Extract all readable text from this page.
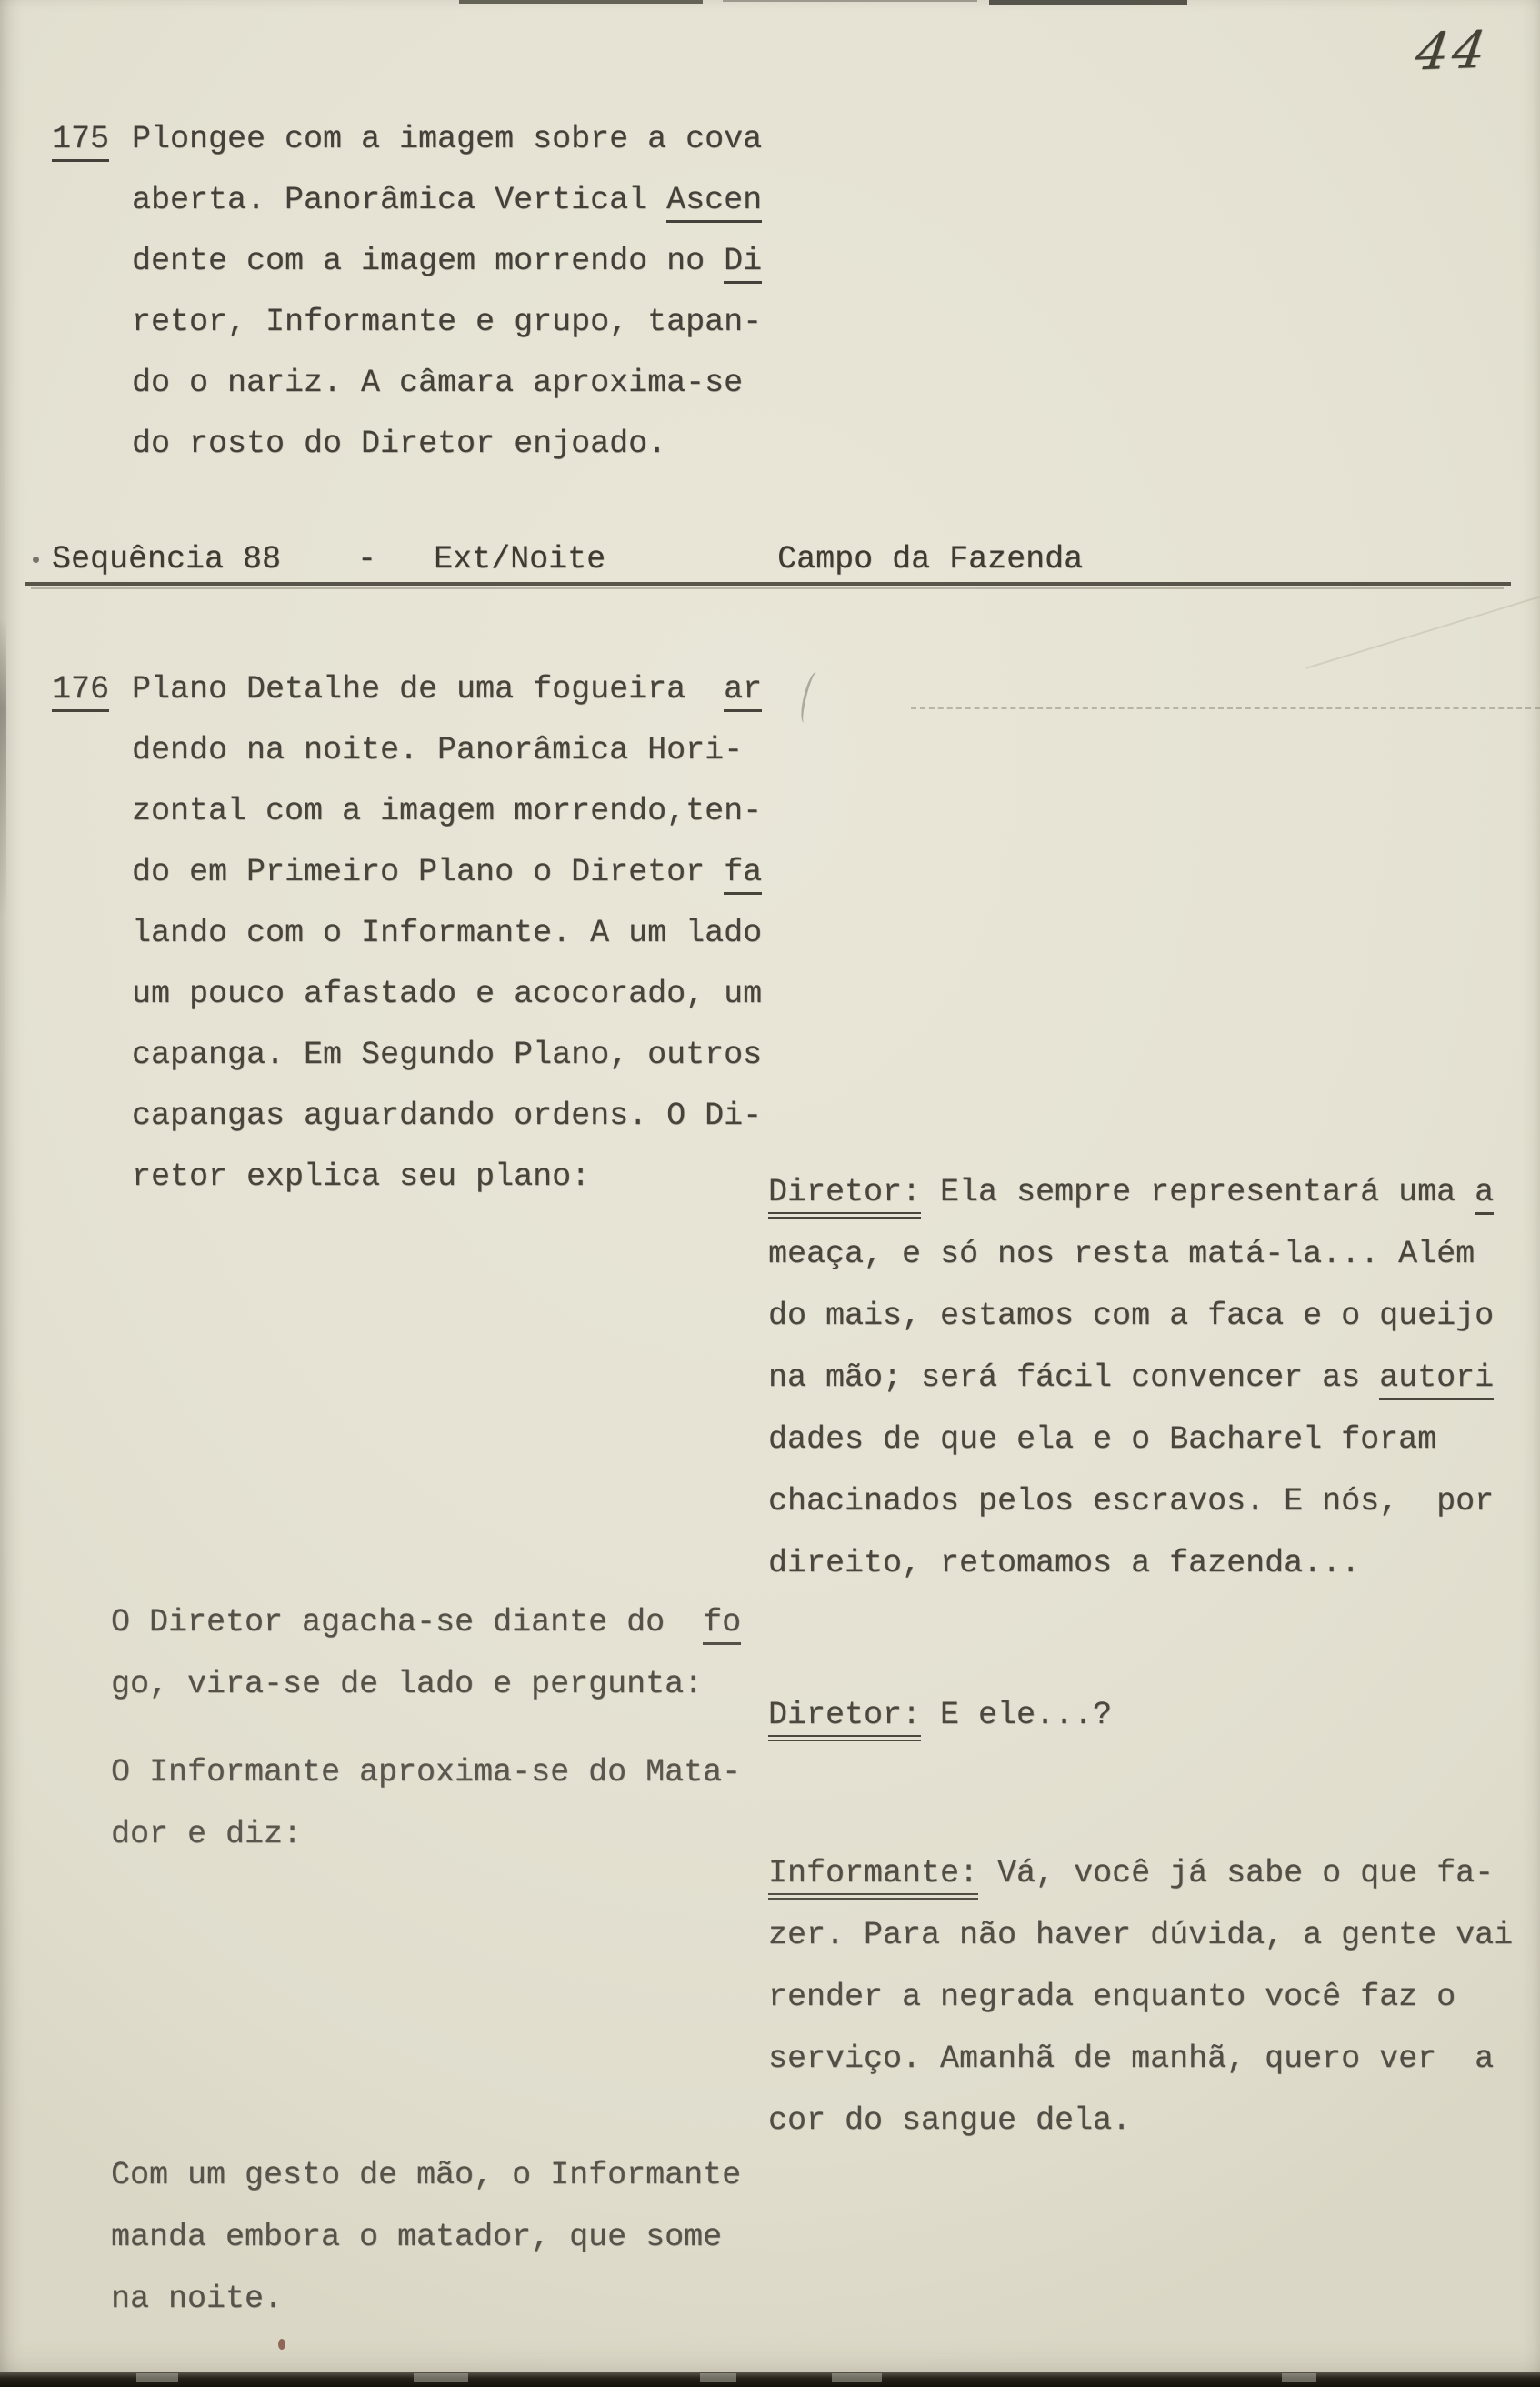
44
175 Plongee com a imagem sobre a cova
aberta. Panorâmica Vertical Ascen
dente com a imagem morrendo no Di
retor, Informante e grupo, tapan-
do o nariz. A câmara aproxima-se
do rosto do Diretor enjoado.
Sequência 88    -   Ext/Noite         Campo da Fazenda
176 Plano Detalhe de uma fogueira  ar
dendo na noite. Panorâmica Hori-
zontal com a imagem morrendo,ten-
do em Primeiro Plano o Diretor fa
lando com o Informante. A um lado
um pouco afastado e acocorado, um
capanga. Em Segundo Plano, outros
capangas aguardando ordens. O Di-
retor explica seu plano:	Diretor: Ela sempre representará uma a
meaça, e só nos resta matá-la... Além
do mais, estamos com a faca e o queijo
na mão; será fácil convencer as autori
dades de que ela e o Bacharel foram
chacinados pelos escravos. E nós,  por
direito, retomamos a fazenda...
O Diretor agacha-se diante do  fo
go, vira-se de lado e pergunta:
Diretor: E ele...?
O Informante aproxima-se do Mata-
dor e diz:
Informante: Vá, você já sabe o que fa-
zer. Para não haver dúvida, a gente vai
render a negrada enquanto você faz o
serviço. Amanhã de manhã, quero ver  a
cor do sangue dela.
Com um gesto de mão, o Informante
manda embora o matador, que some
na noite.
